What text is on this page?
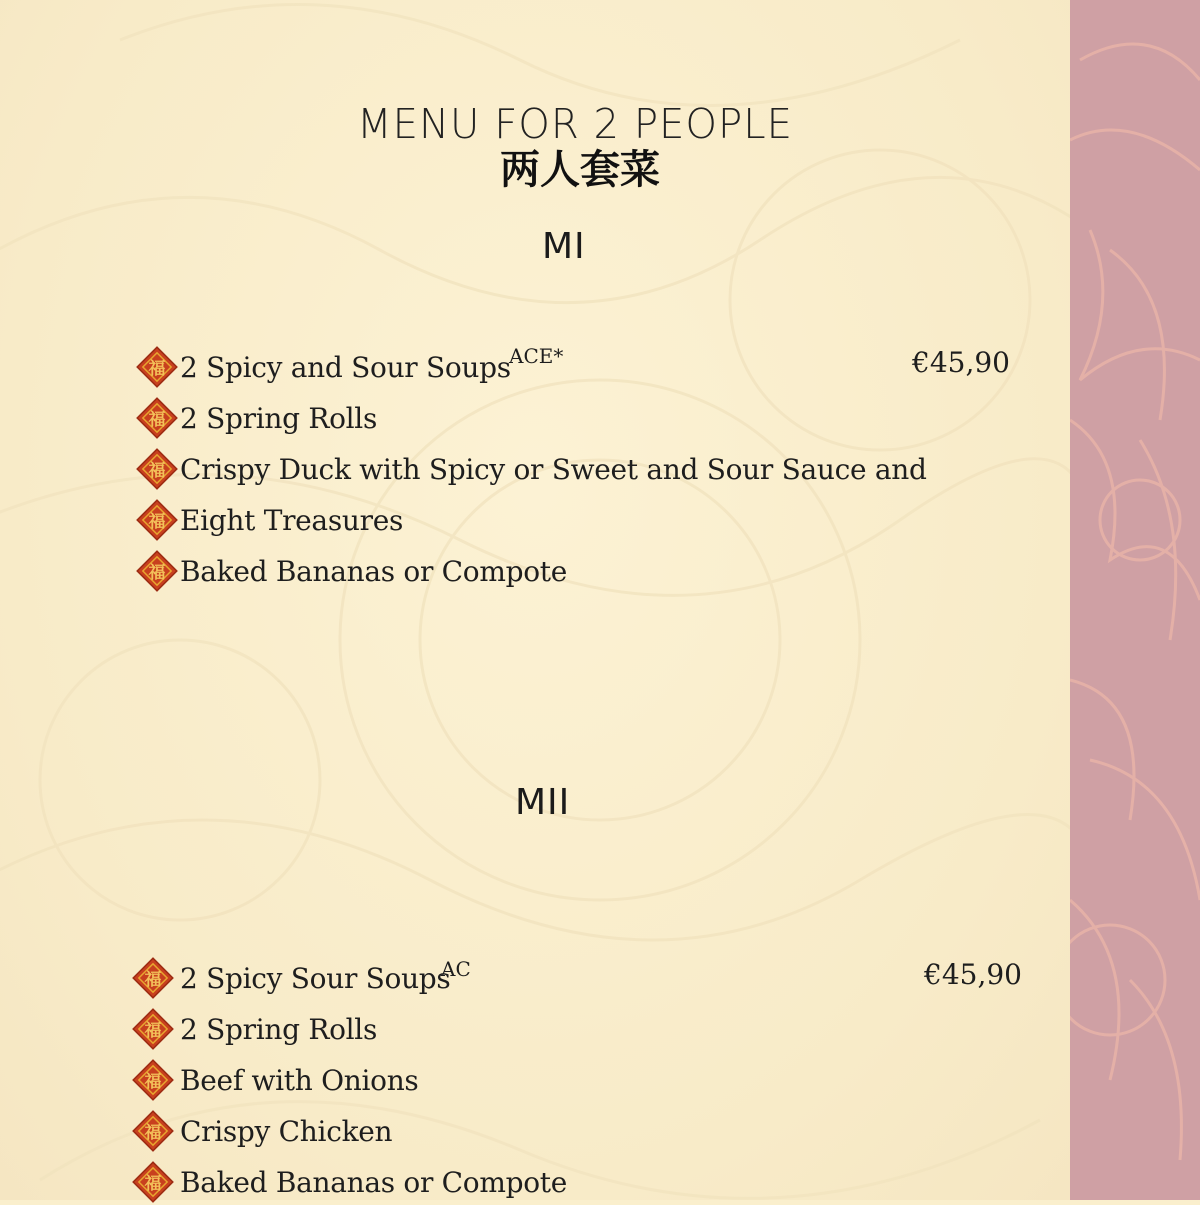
MENU FOR 2 PEOPLE
两人套菜
MI
€45,90
ACE*
福 2 Spicy and Sour Soups
福 2 Spring Rolls
福 Crispy Duck with Spicy or Sweet and Sour Sauce and
福 Eight Treasures
福 Baked Bananas or Compote
MII
€45,90
AC
福 2 Spicy Sour Soups
福 2 Spring Rolls
福 Beef with Onions
福 Crispy Chicken
福 Baked Bananas or Compote
